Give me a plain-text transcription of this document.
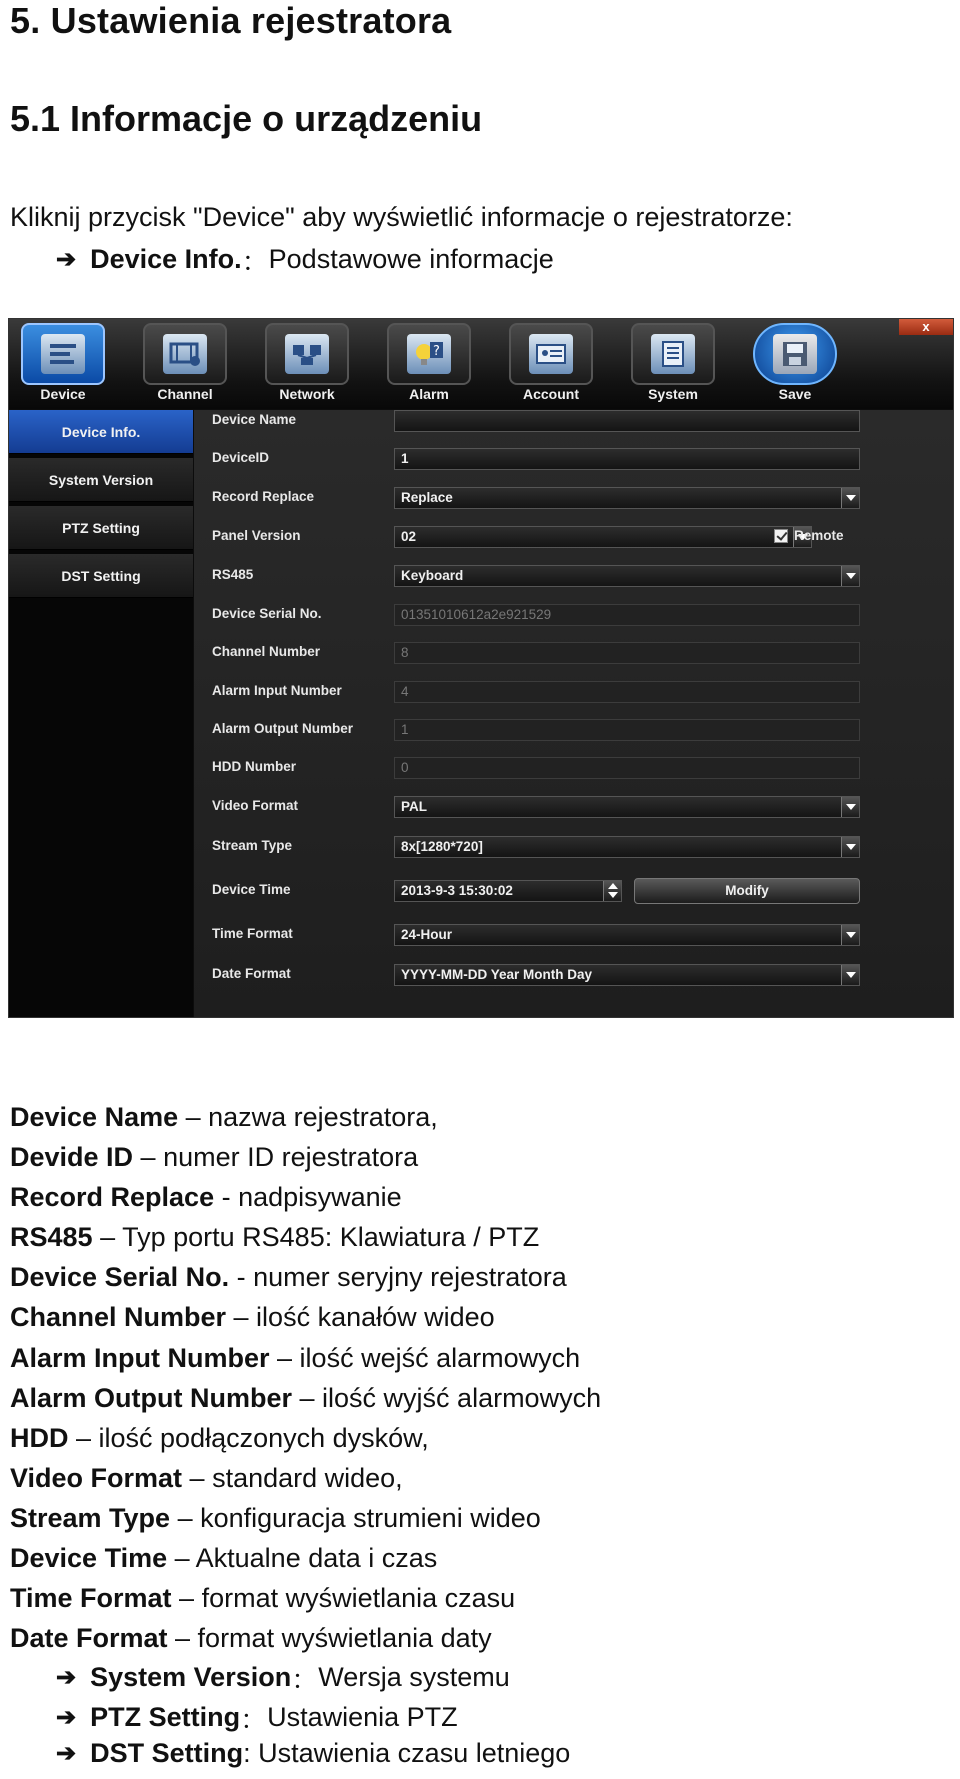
5. Ustawienia rejestratora
5.1 Informacje o urządzeniu
Kliknij przycisk "Device" aby wyświetlić informacje o rejestratorze:
➔ Device Info. ： Podstawowe informacje
Device	Channel	Network
?
Alarm	Account	System	Save
x
Device Info.
System Version
PTZ Setting
DST Setting
Device Name
DeviceID	1
Record Replace	Replace
Panel Version	02	Remote
RS485	Keyboard
Device Serial No.	01351010612a2e921529
Channel Number	8
Alarm Input Number	4
Alarm Output Number	1
HDD Number	0
Video Format	PAL
Stream Type	8x[1280*720]
Device Time	2013-9-3 15:30:02	Modify
Time Format	24-Hour
Date Format	YYYY-MM-DD Year Month Day
Device Name – nazwa rejestratora,
Devide ID – numer ID rejestratora
Record Replace - nadpisywanie
RS485 – Typ portu RS485: Klawiatura / PTZ
Device Serial No. - numer seryjny rejestratora
Channel Number – ilość kanałów wideo
Alarm Input Number – ilość wejść alarmowych
Alarm Output Number – ilość wyjść alarmowych
HDD – ilość podłączonych dysków,
Video Format – standard wideo,
Stream Type – konfiguracja strumieni wideo
Device Time – Aktualne data i czas
Time Format – format wyświetlania czasu
Date Format – format wyświetlania daty
➔ System Version ： Wersja systemu
➔ PTZ Setting ： Ustawienia PTZ
➔ DST Setting : Ustawienia czasu letniego
